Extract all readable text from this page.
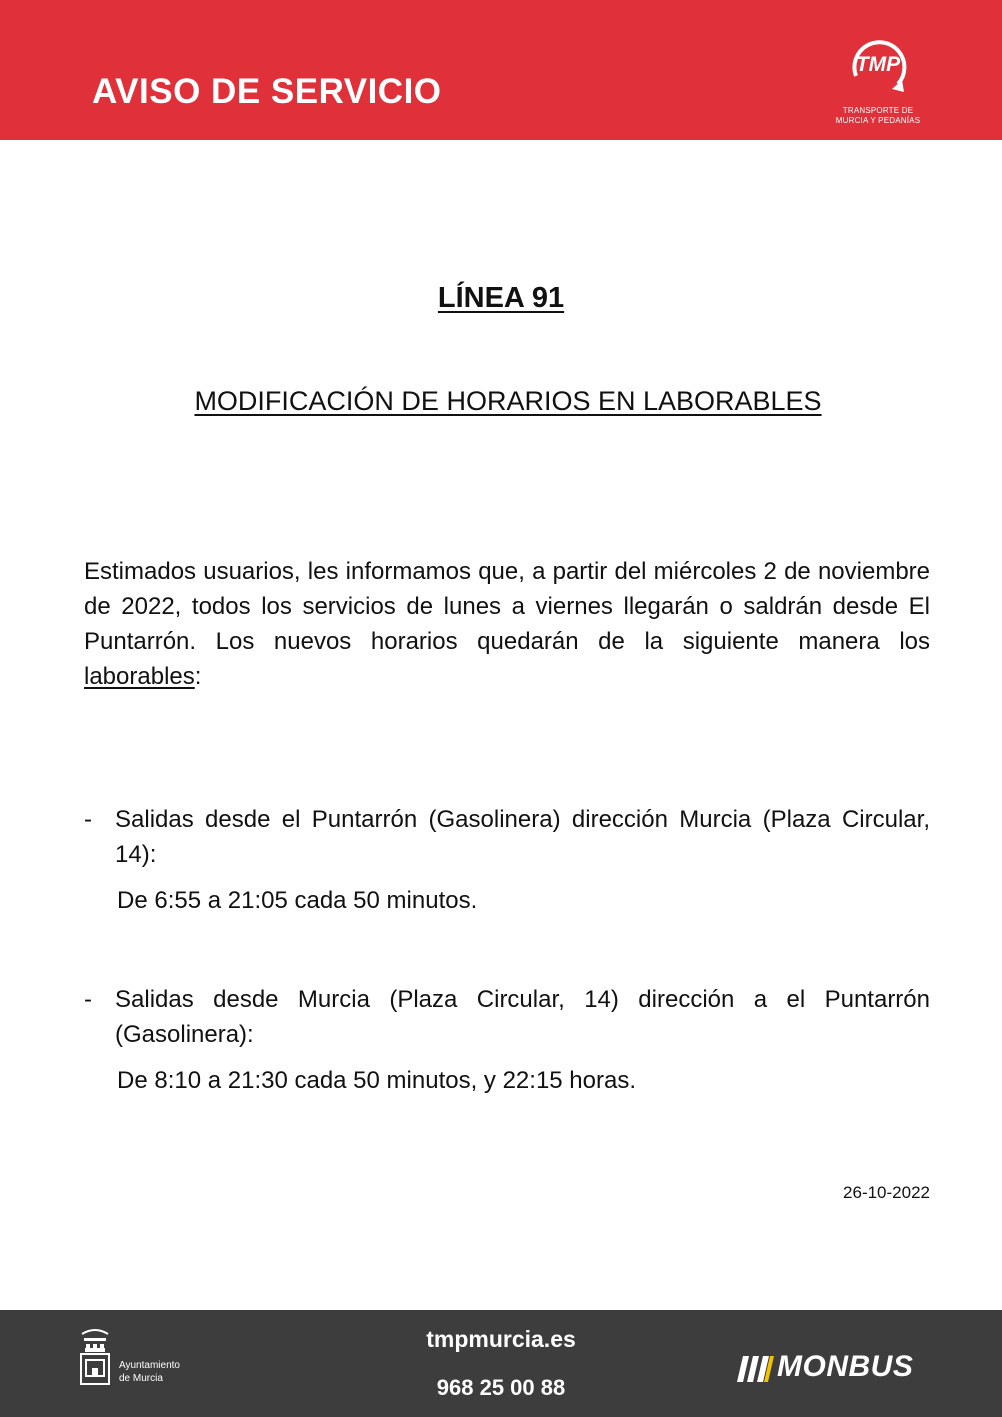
AVISO DE SERVICIO
TMP
TRANSPORTE DE
MURCIA Y PEDANÍAS
LÍNEA 91
MODIFICACIÓN DE HORARIOS EN LABORABLES
Estimados usuarios, les informamos que, a partir del miércoles 2 de noviembre de 2022, todos los servicios de lunes a viernes llegarán o saldrán desde El Puntarrón. Los nuevos horarios quedarán de la siguiente manera los laborables:
- Salidas desde el Puntarrón (Gasolinera) dirección Murcia (Plaza Circular, 14):
De 6:55 a 21:05 cada 50 minutos.
- Salidas desde Murcia (Plaza Circular, 14) dirección a el Puntarrón (Gasolinera):
De 8:10 a 21:30 cada 50 minutos, y 22:15 horas.
26-10-2022
Ayuntamiento
de Murcia
tmpmurcia.es
968 25 00 88
MONBUS
